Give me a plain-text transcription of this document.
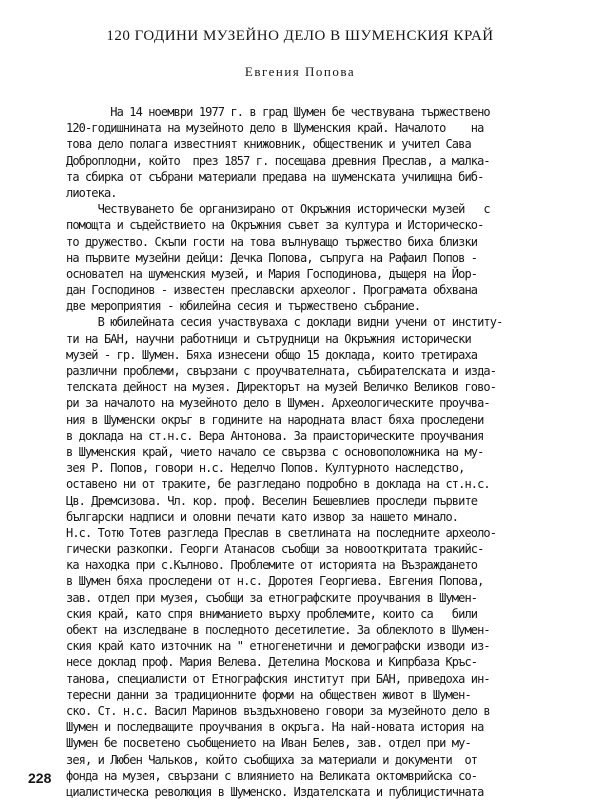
120 ГОДИНИ МУЗЕЙНО ДЕЛО В ШУМЕНСКИЯ КРАЙ
Евгения Попова
На 14 ноември 1977 г. в град Шумен бе чествувана тържествено
120-годишнината на музейното дело в Шуменския край. Началото    на
това дело полага известният книжовник, общественик и учител Сава
Доброплодни, който  през 1857 г. посещава древния Преслав, а малка-
та сбирка от събрани материали предава на шуменската училищна биб-
лиотека.
Чествуването бе организирано от Окръжния исторически музей   с
помощта и съдействието на Окръжния съвет за култура и Историческо-
то дружество. Скъпи гости на това вълнуващо тържество биха близки
на първите музейни дейци: Дечка Попова, съпруга на Рафаил Попов -
основател на шуменския музей, и Мария Господинова, дъщеря на Йор-
дан Господинов - известен преславски археолог. Програмата обхвана
две мероприятия - юбилейна сесия и тържествено събрание.
В юбилейната сесия участвуваха с доклади видни учени от институ-
ти на БАН, научни работници и сътрудници на Окръжния исторически
музей - гр. Шумен. Бяха изнесени общо 15 доклада, които третираха
различни проблеми, свързани с проучвателната, събирателската и изда-
телската дейност на музея. Директорът на музей Величко Великов гово-
ри за началото на музейното дело в Шумен. Археологическите проучва-
ния в Шуменски окръг в годините на народната власт бяха проследени
в доклада на ст.н.с. Вера Антонова. За праисторическите проучвания
в Шуменския край, чието начало се свързва с основоположника на му-
зея Р. Попов, говори н.с. Неделчо Попов. Културното наследство,
оставено ни от траките, бе разгледано подробно в доклада на ст.н.с.
Цв. Дремсизова. Чл. кор. проф. Веселин Бешевлиев проследи първите
български надписи и оловни печати като извор за нашето минало.
Н.с. Тотю Тотев разгледа Преслав в светлината на последните археоло-
гически разкопки. Георги Атанасов съобщи за новооткритата тракийс-
ка находка при с.Кълново. Проблемите от историята на Възраждането
в Шумен бяха проследени от н.с. Доротея Георгиева. Евгения Попова,
зав. отдел при музея, съобщи за етнографските проучвания в Шумен-
ския край, като спря вниманието върху проблемите, които са   били
обект на изследване в последното десетилетие. За облеклото в Шумен-
ския край като източник на " етногенетични и демографски изводи из-
несе доклад проф. Мария Велева. Детелина Москова и Кипрбаза Кръс-
танова, специалисти от Етнографския институт при БАН, приведоха ин-
тересни данни за традиционните форми на обществен живот в Шумен-
ско. Ст. н.с. Васил Маринов въздъхновено говори за музейното дело в
Шумен и последващите проучвания в окръга. На най-новата история на
Шумен бе посветено съобщението на Иван Белев, зав. отдел при му-
зея, и Любен Чальков, който съобщиха за материали и документи  от
фонда на музея, свързани с влиянието на Великата октомврийска со-
циалистическа революция в Шуменско. Издателската и публицистичната
228
